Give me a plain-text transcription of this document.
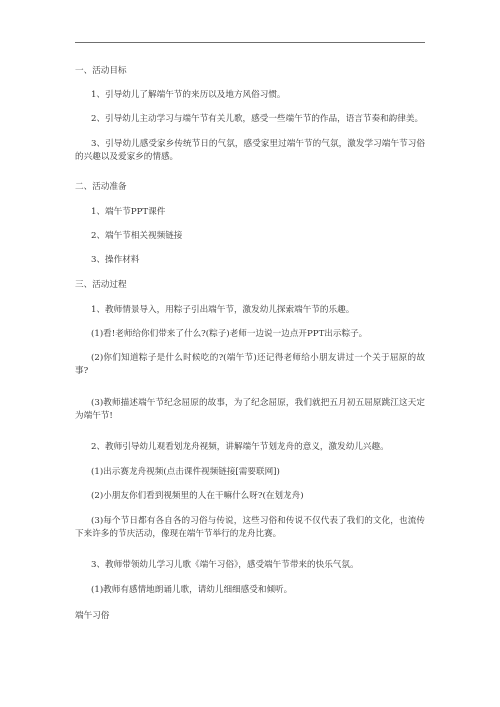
一、活动目标

1、引导幼儿了解端午节的来历以及地方风俗习惯。

2、引导幼儿主动学习与端午节有关儿歌，感受一些端午节的作品，语言节奏和韵律美。

3、引导幼儿感受家乡传统节日的气氛，感受家里过端午节的气氛，激发学习端午节习俗的兴趣以及爱家乡的情感。

二、活动准备

1、端午节PPT课件

2、端午节相关视频链接

3、操作材料

三、活动过程

1、教师情景导入，用粽子引出端午节，激发幼儿探索端午节的乐趣。

(1)看!老师给你们带来了什么?(粽子)老师一边说一边点开PPT出示粽子。

(2)你们知道粽子是什么时候吃的?(端午节)还记得老师给小朋友讲过一个关于屈原的故事?

(3)教师描述端午节纪念屈原的故事，为了纪念屈原，我们就把五月初五屈原跳江这天定为端午节!

2、教师引导幼儿观看划龙舟视频，讲解端午节划龙舟的意义，激发幼儿兴趣。

(1)出示赛龙舟视频(点击课件视频链接[需要联网])

(2)小朋友你们看到视频里的人在干嘛什么呀?(在划龙舟)

(3)每个节日都有各自各的习俗与传说，这些习俗和传说不仅代表了我们的文化，也流传下来许多的节庆活动，像现在端午节举行的龙舟比赛。

3、教师带领幼儿学习儿歌《端午习俗》，感受端午节带来的快乐气氛。

(1)教师有感情地朗诵儿歌，请幼儿细细感受和倾听。

端午习俗
